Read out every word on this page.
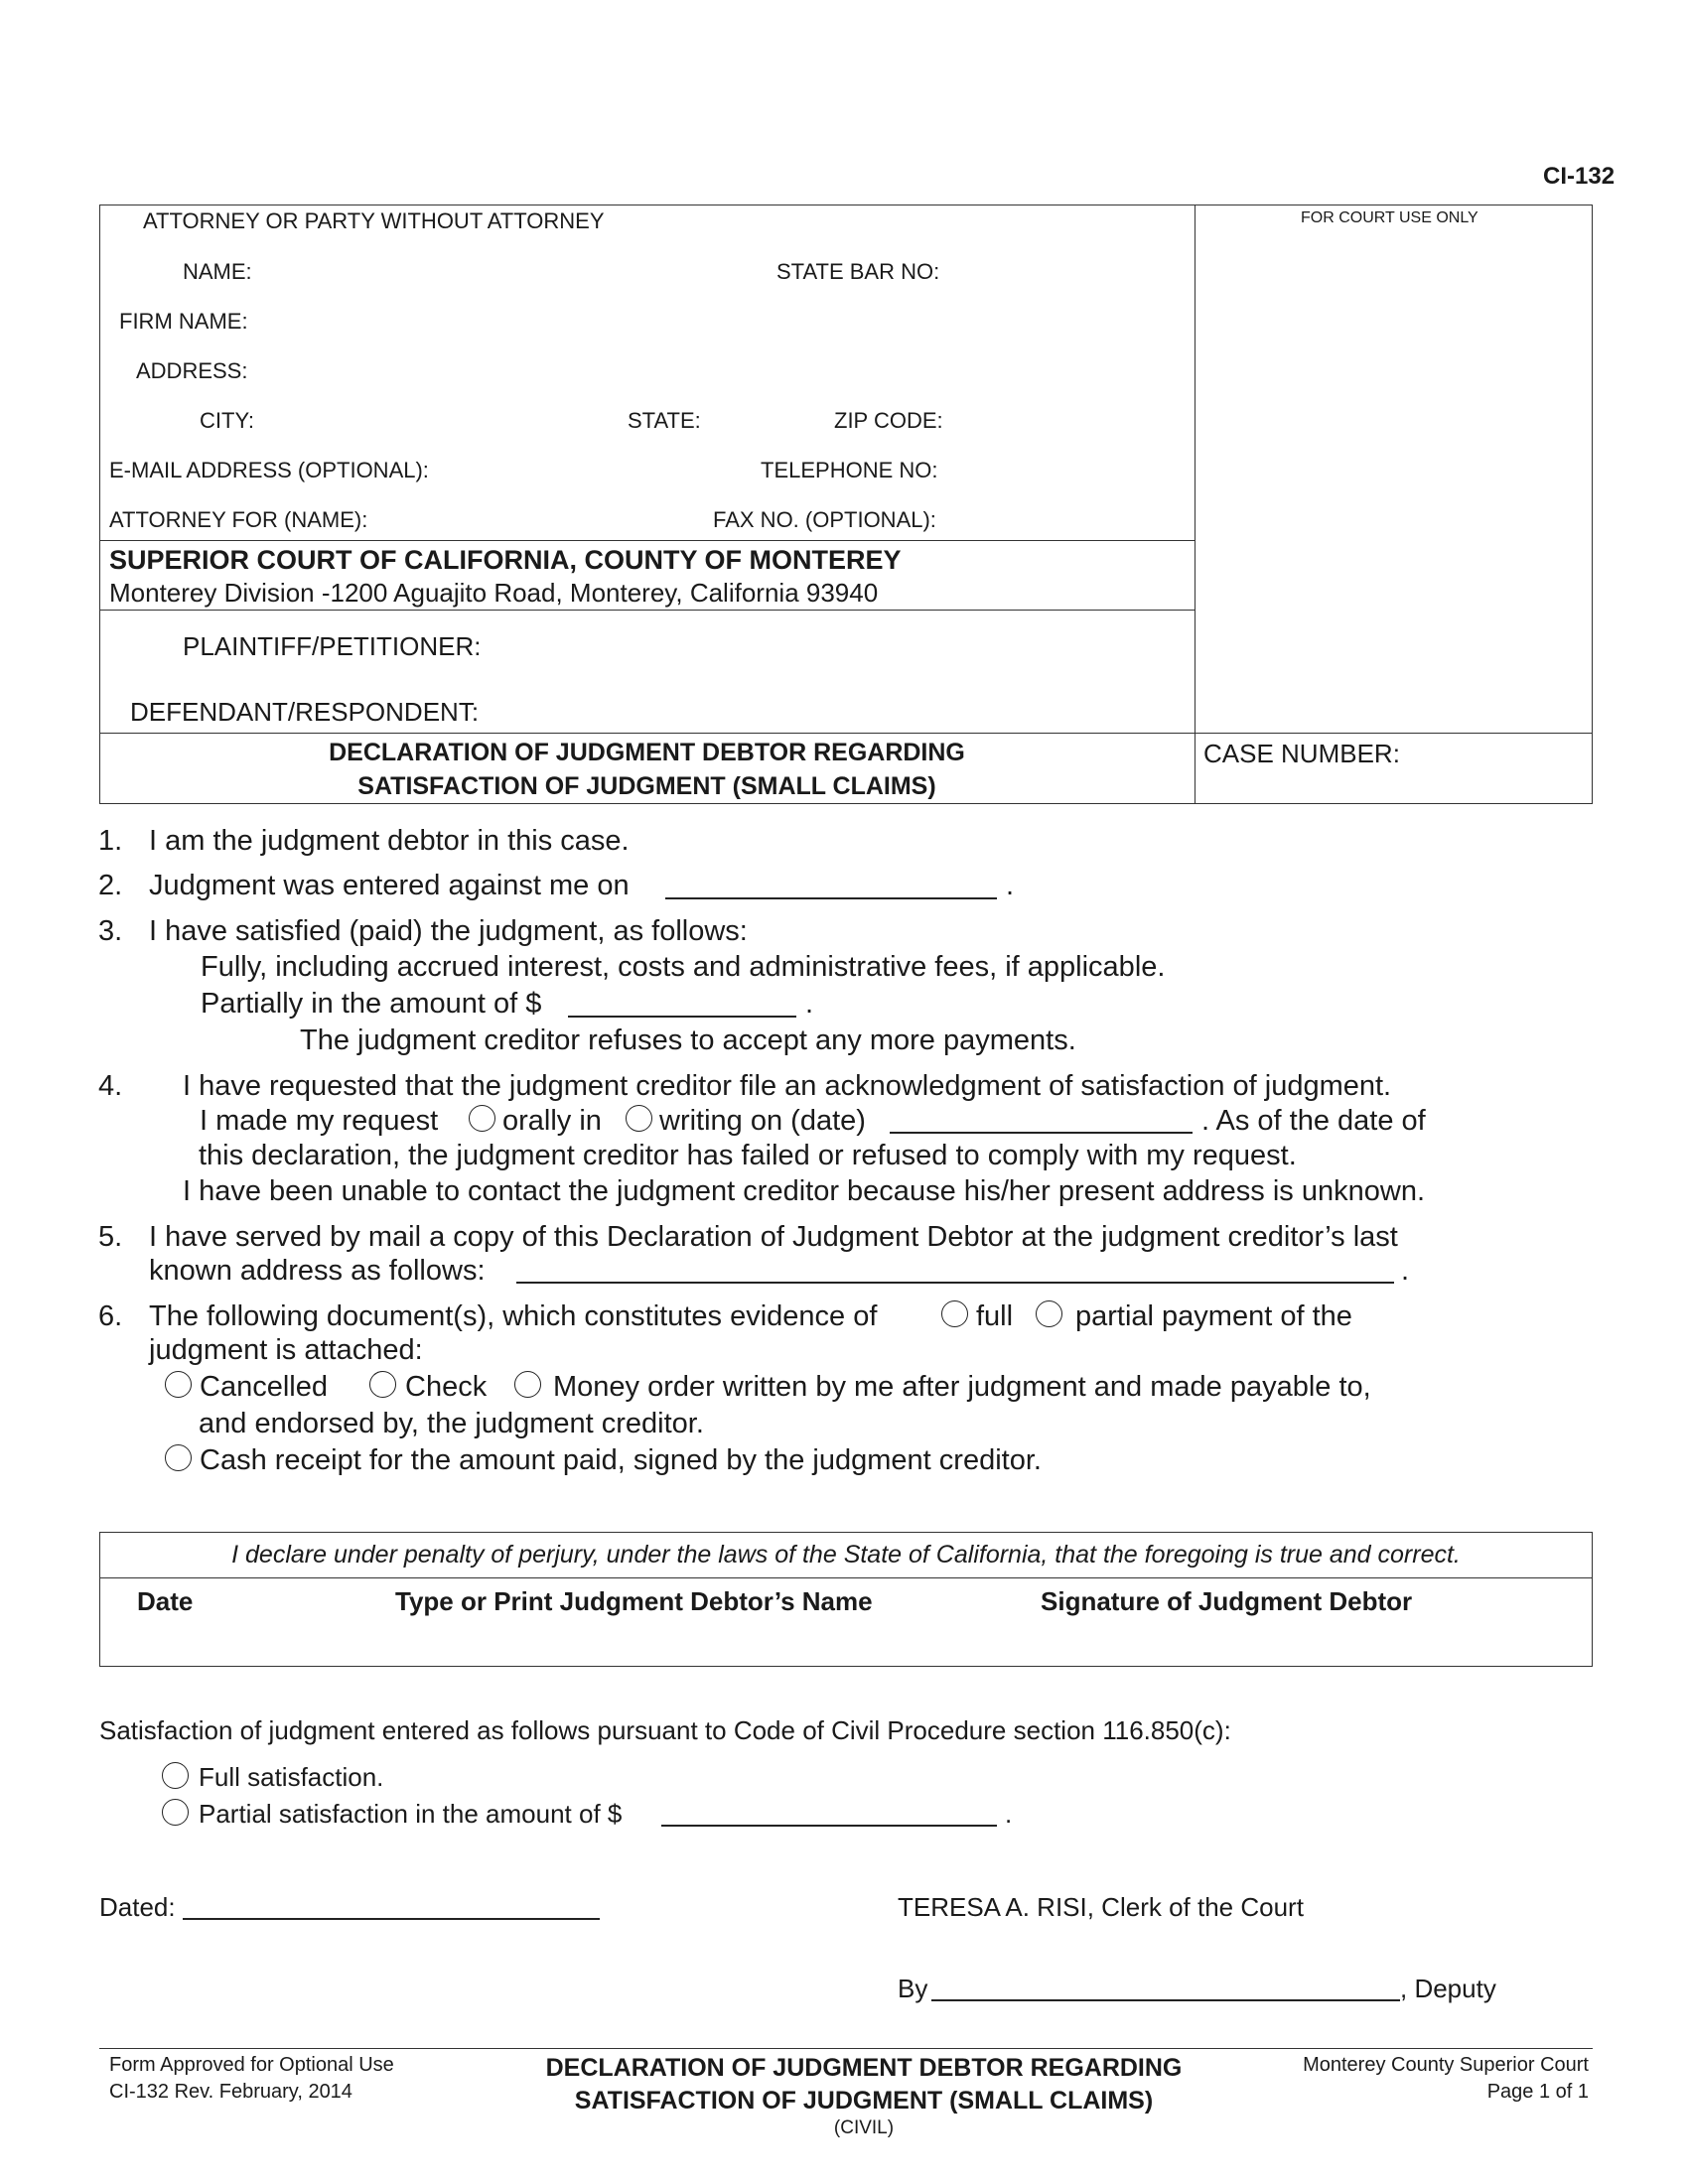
CI-132
ATTORNEY OR PARTY WITHOUT ATTORNEY	FOR COURT USE ONLY
NAME:	STATE BAR NO:
FIRM NAME:
ADDRESS:
CITY:	STATE:	ZIP CODE:
E-MAIL ADDRESS (OPTIONAL):	TELEPHONE NO:
ATTORNEY FOR (NAME):	FAX NO. (OPTIONAL):
SUPERIOR COURT OF CALIFORNIA, COUNTY OF MONTEREY
Monterey Division -1200 Aguajito Road, Monterey, California 93940
PLAINTIFF/PETITIONER:
DEFENDANT/RESPONDENT:
DECLARATION OF JUDGMENT DEBTOR REGARDING
SATISFACTION OF JUDGMENT (SMALL CLAIMS)
CASE NUMBER:
1. I am the judgment debtor in this case.
2. Judgment was entered against me on	.
3. I have satisfied (paid) the judgment, as follows:
Fully, including accrued interest, costs and administrative fees, if applicable.
Partially in the amount of $	.
The judgment creditor refuses to accept any more payments.
4. I have requested that the judgment creditor file an acknowledgment of satisfaction of judgment.
I made my request orally in writing on (date)	. As of the date of
this declaration, the judgment creditor has failed or refused to comply with my request.
I have been unable to contact the judgment creditor because his/her present address is unknown.
5. I have served by mail a copy of this Declaration of Judgment Debtor at the judgment creditor’s last
known address as follows:	.
6. The following document(s), which constitutes evidence of	full partial payment of the
judgment is attached:
Cancelled	Check Money order written by me after judgment and made payable to,
and endorsed by, the judgment creditor.
Cash receipt for the amount paid, signed by the judgment creditor.
I declare under penalty of perjury, under the laws of the State of California, that the foregoing is true and correct.
Date	Type or Print Judgment Debtor’s Name	Signature of Judgment Debtor
Satisfaction of judgment entered as follows pursuant to Code of Civil Procedure section 116.850(c):
Full satisfaction.
Partial satisfaction in the amount of $	.
Dated:	TERESA A. RISI, Clerk of the Court
By	, Deputy
Form Approved for Optional Use
CI-132 Rev. February, 2014
DECLARATION OF JUDGMENT DEBTOR REGARDING
SATISFACTION OF JUDGMENT (SMALL CLAIMS)
(CIVIL)
Monterey County Superior Court
Page 1 of 1
